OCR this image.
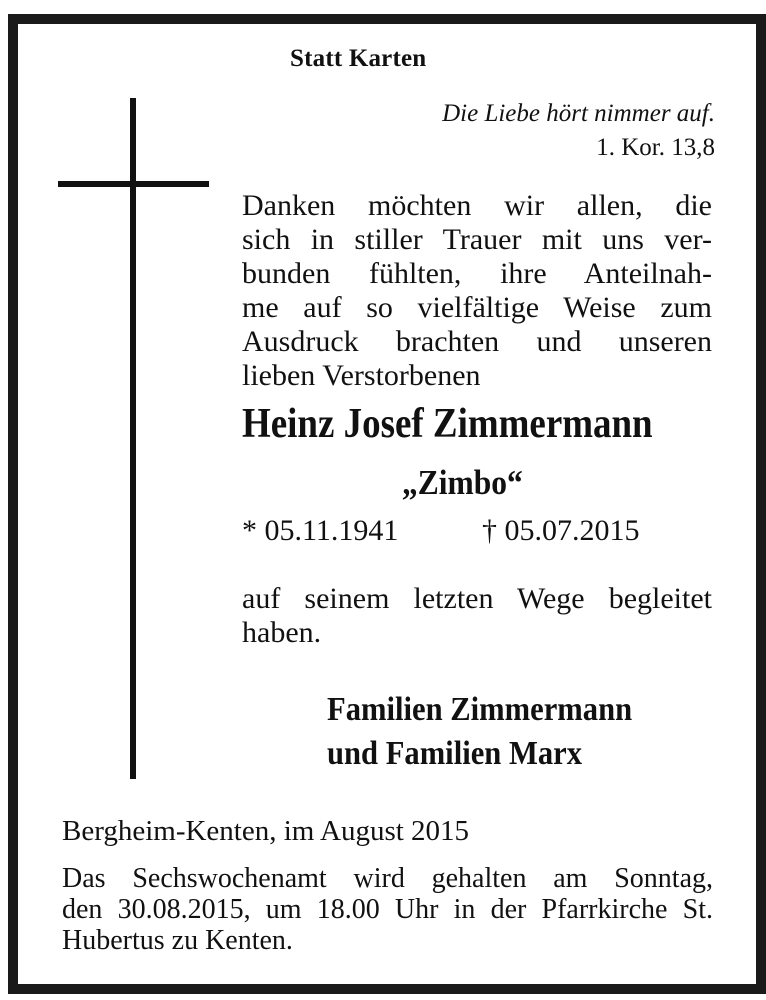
Statt Karten
Die Liebe hört nimmer auf.
1. Kor. 13,8
Danken möchten wir allen, die
sich in stiller Trauer mit uns ver-
bunden fühlten, ihre Anteilnah-
me auf so vielfältige Weise zum
Ausdruck brachten und unseren
lieben Verstorbenen
Heinz Josef Zimmermann
„Zimbo“
* 05.11.1941	† 05.07.2015
auf seinem letzten Wege begleitet
haben.
Familien Zimmermann
und Familien Marx
Bergheim-Kenten, im August 2015
Das Sechswochenamt wird gehalten am Sonntag,
den 30.08.2015, um 18.00 Uhr in der Pfarrkirche St.
Hubertus zu Kenten.
